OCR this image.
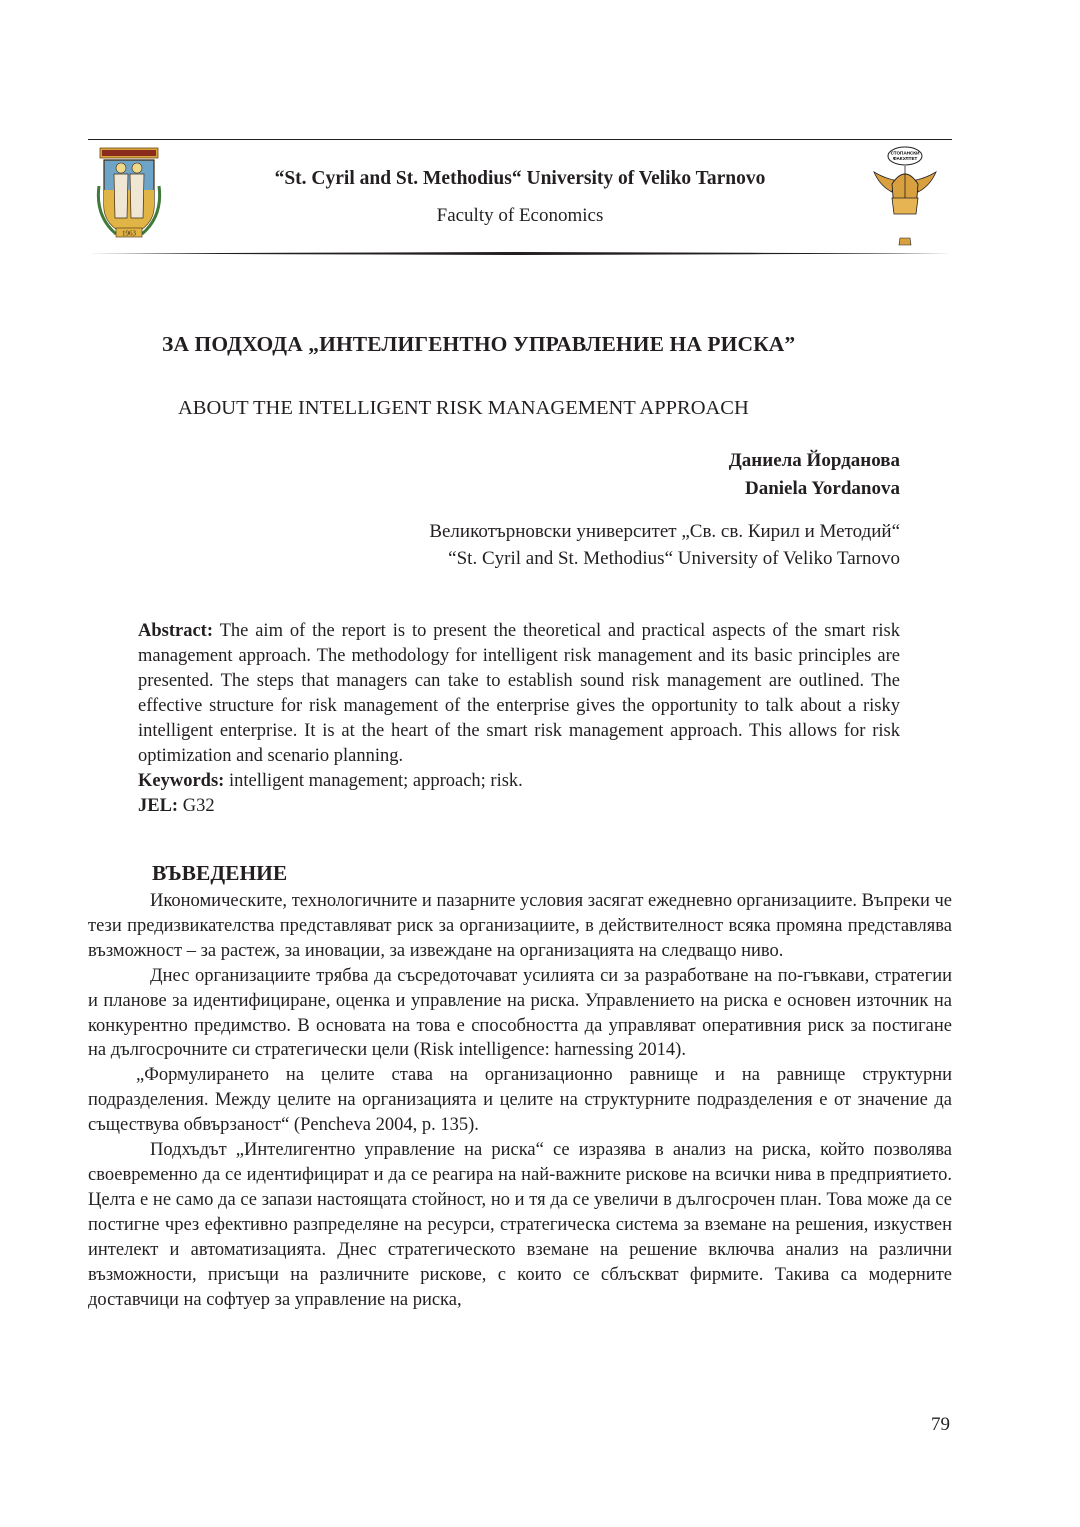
1963
“St. Cyril and St. Methodius“ University of Veliko Tarnovo
Faculty of Economics
СТОПАНСКИ
ФАКУЛТЕТ
ЗА ПОДХОДА „ИНТЕЛИГЕНТНО УПРАВЛЕНИЕ НА РИСКА”
ABOUT THE INTELLIGENT RISK MANAGEMENT APPROACH
Даниела Йорданова
Daniela Yordanova
Великотърновски университет „Св. св. Кирил и Методий“
“St. Cyril and St. Methodius“ University of Veliko Tarnovo

Abstract: The aim of the report is to present the theoretical and practical aspects of the smart risk management approach. The methodology for intelligent risk management and its basic principles are presented. The steps that managers can take to establish sound risk management are outlined. The effective structure for risk management of the enterprise gives the opportunity to talk about a risky intelligent enterprise. It is at the heart of the smart risk management approach. This allows for risk optimization and scenario planning.

Keywords: intelligent management; approach; risk.

JEL: G32

ВЪВЕДЕНИЕ

Икономическите, технологичните и пазарните условия засягат ежедневно организациите. Въпреки че тези предизвикателства представляват риск за организациите, в действителност всяка промяна представлява възможност – за растеж, за иновации, за извеждане на организацията на следващо ниво.

Днес организациите трябва да съсредоточават усилията си за разработване на по-гъвкави, стратегии и планове за идентифициране, оценка и управление на риска. Управлението на риска е основен източник на конкурентно предимство. В основата на това е способността да управляват оперативния риск за постигане на дългосрочните си стратегически цели (Risk intelligence: harnessing 2014).

„Формулирането на целите става на организационно равнище и на равнище структурни подразделения. Между целите на организацията и целите на структурните подразделения е от значение да съществува обвързаност“ (Pencheva 2004, p. 135).

Подхъдът „Интелигентно управление на риска“ се изразява в анализ на риска, който позволява своевременно да се идентифицират и да се реагира на най-важните рискове на всички нива в предприятието. Целта е не само да се запази настоящата стойност, но и тя да се увеличи в дългосрочен план. Това може да се постигне чрез ефективно разпределяне на ресурси, стратегическа система за вземане на решения, изкуствен интелект и автоматизацията. Днес стратегическото вземане на решение включва анализ на различни възможности, присъщи на различните рискове, с които се сблъскват фирмите. Такива са модерните доставчици на софтуер за управление на риска,

79
